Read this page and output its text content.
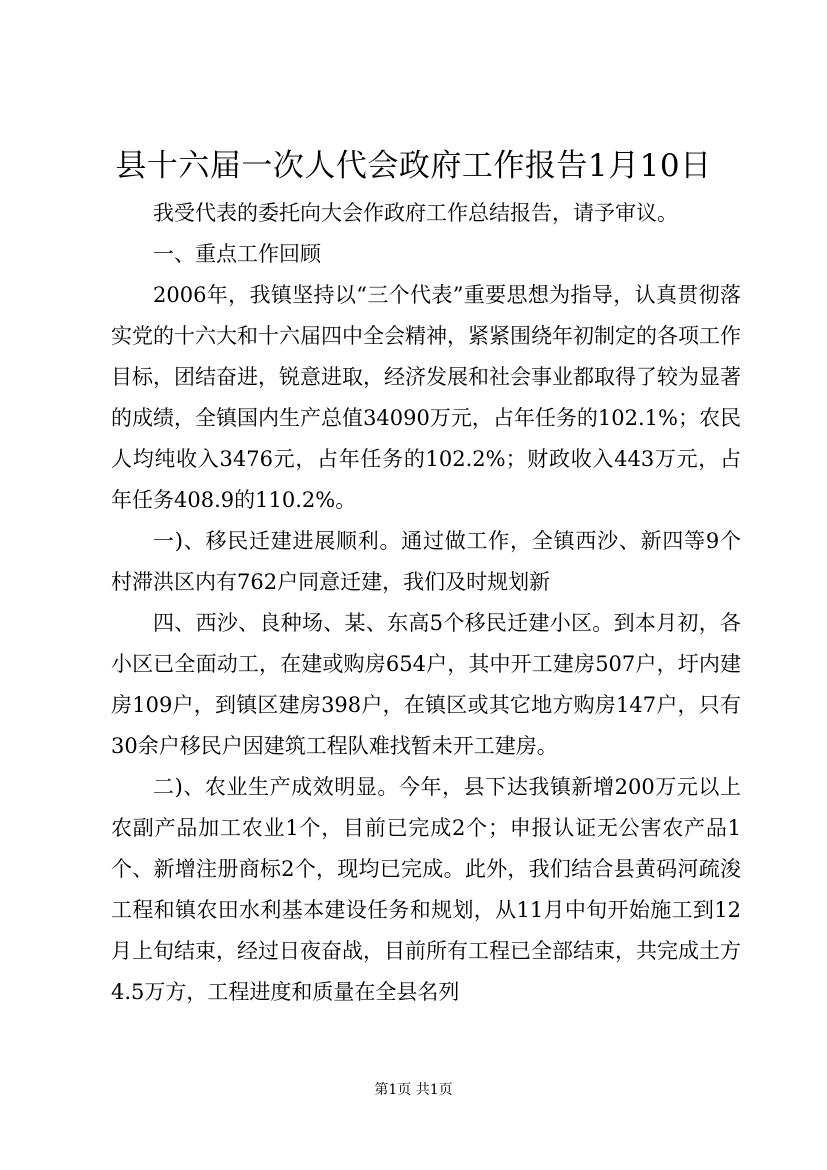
县十六届一次人代会政府工作报告1月10日

我受代表的委托向大会作政府工作总结报告，请予审议。

一、重点工作回顾

2006年，我镇坚持以“三个代表”重要思想为指导，认真贯彻落实党的十六大和十六届四中全会精神，紧紧围绕年初制定的各项工作目标，团结奋进，锐意进取，经济发展和社会事业都取得了较为显著的成绩，全镇国内生产总值34090万元，占年任务的102.1%；农民人均纯收入3476元，占年任务的102.2%；财政收入443万元，占年任务408.9的110.2%。

一)、移民迁建进展顺利。通过做工作，全镇西沙、新四等9个村滞洪区内有762户同意迁建，我们及时规划新

四、西沙、良种场、某、东高5个移民迁建小区。到本月初，各小区已全面动工，在建或购房654户，其中开工建房507户，圩内建房109户，到镇区建房398户，在镇区或其它地方购房147户，只有30余户移民户因建筑工程队难找暂未开工建房。

二)、农业生产成效明显。今年，县下达我镇新增200万元以上农副产品加工农业1个，目前已完成2个；申报认证无公害农产品1个、新增注册商标2个，现均已完成。此外，我们结合县黄码河疏浚工程和镇农田水利基本建设任务和规划，从11月中旬开始施工到12月上旬结束，经过日夜奋战，目前所有工程已全部结束，共完成土方4.5万方，工程进度和质量在全县名列

第1页 共1页
